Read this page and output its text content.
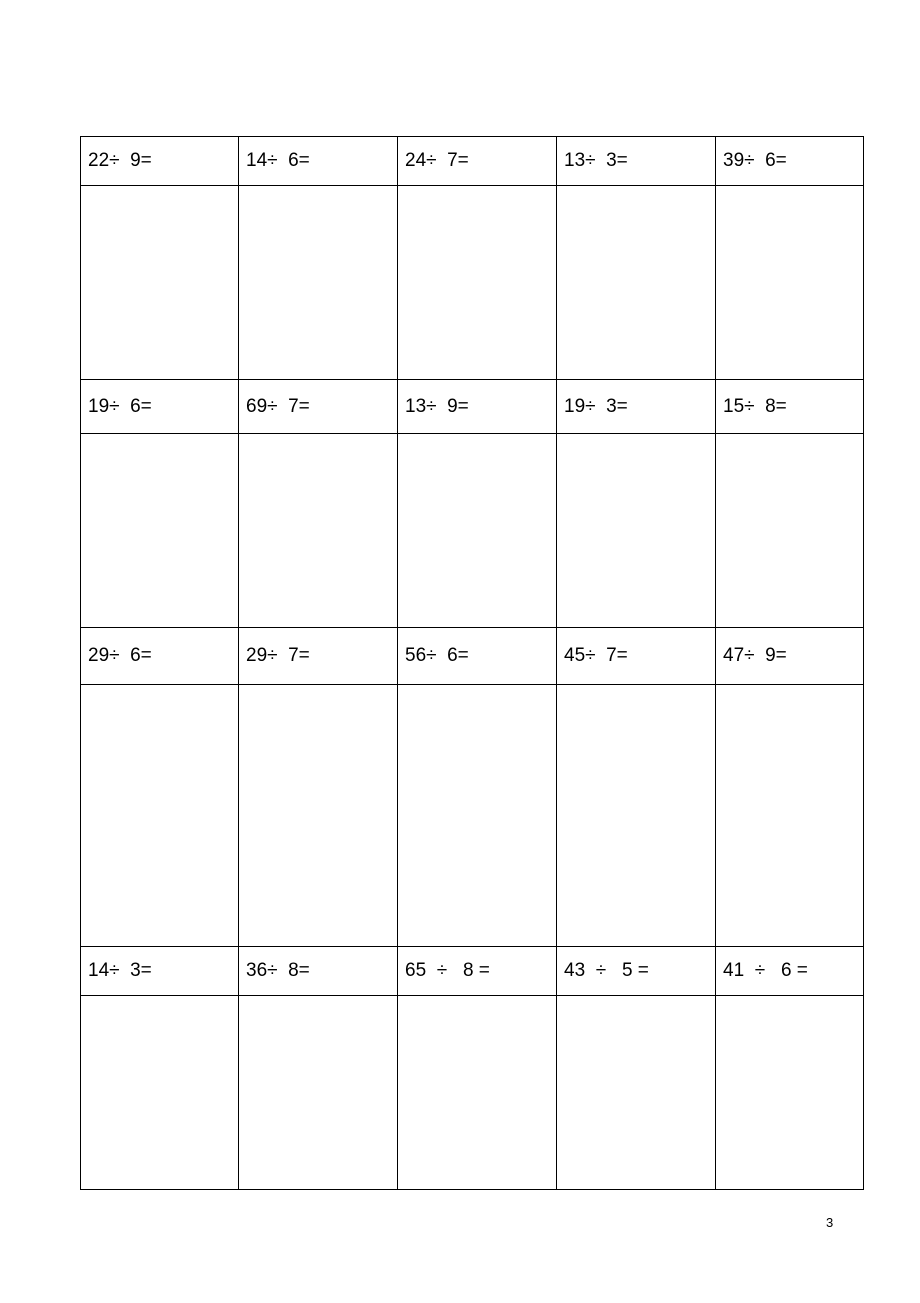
22÷  9=	14÷  6=	24÷  7=	13÷  3=	39÷  6=

19÷  6=	69÷  7=	13÷  9=	19÷  3=	15÷  8=

29÷  6=	29÷  7=	56÷  6=	45÷  7=	47÷  9=

14÷  3=	36÷  8=	65  ÷   8 =	43  ÷   5 =	41  ÷   6 =

3
